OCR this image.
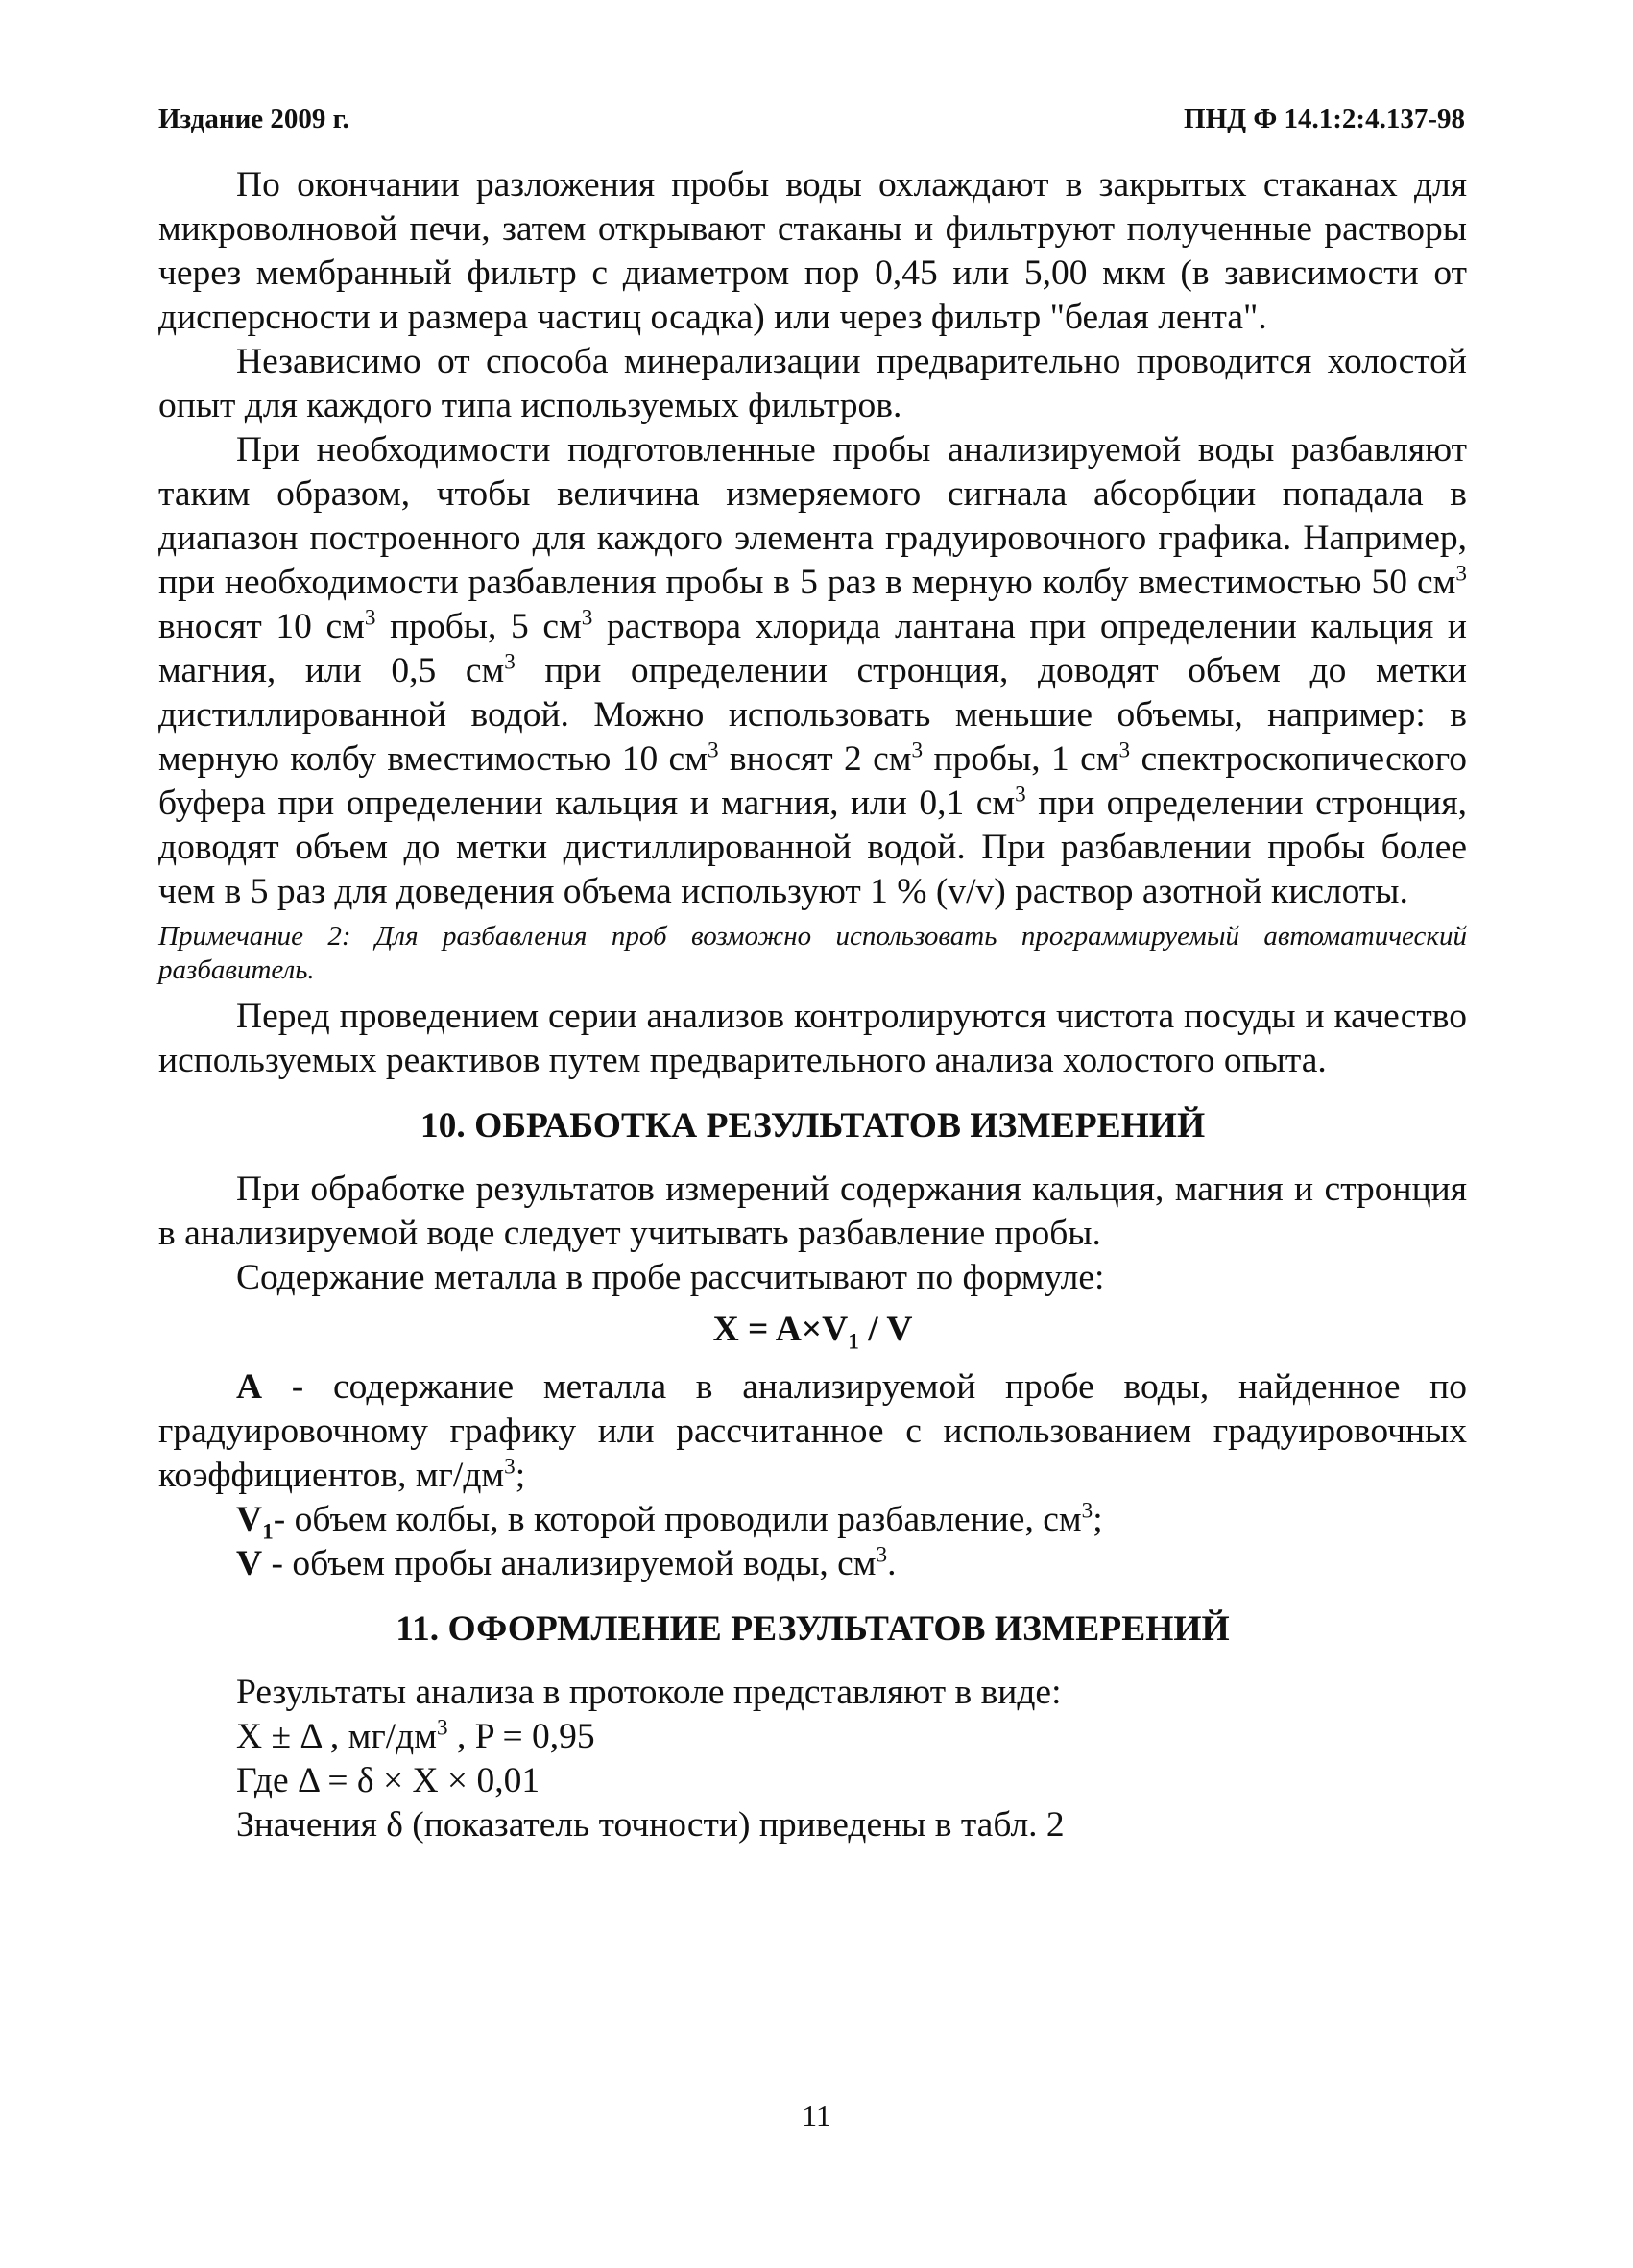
Издание 2009 г.	ПНД Ф 14.1:2:4.137-98

По окончании разложения пробы воды охлаждают в закрытых стаканах для микроволновой печи, затем открывают стаканы и фильтруют полученные растворы через мембранный фильтр с диаметром пор 0,45 или 5,00 мкм (в зависимости от дисперсности и размера частиц осадка) или через фильтр "белая лента".

Независимо от способа минерализации предварительно проводится холостой опыт для каждого типа используемых фильтров.

При необходимости подготовленные пробы анализируемой воды разбавляют таким образом, чтобы величина измеряемого сигнала абсорбции попадала в диапазон построенного для каждого элемента градуировочного графика. Например, при необходимости разбавления пробы в 5 раз в мерную колбу вместимостью 50 $см^3$ вносят 10 $см^3$ пробы, 5 $см^3$ раствора хлорида лантана при определении кальция и магния, или 0,5 $см^3$ при определении стронция, доводят объем до метки дистиллированной водой. Можно использовать меньшие объемы, например: в мерную колбу вместимостью 10 $см^3$ вносят 2 $см^3$ пробы, 1 $см^3$ спектроскопического буфера при определении кальция и магния, или 0,1 $см^3$ при определении стронция, доводят объем до метки дистиллированной водой. При разбавлении пробы более чем в 5 раз для доведения объема используют 1 % (v/v) раствор азотной кислоты.

Примечание 2: Для разбавления проб возможно использовать программируемый автоматический разбавитель.

Перед проведением серии анализов контролируются чистота посуды и качество используемых реактивов путем предварительного анализа холостого опыта.

10. ОБРАБОТКА РЕЗУЛЬТАТОВ ИЗМЕРЕНИЙ

При обработке результатов измерений содержания кальция, магния и стронция в анализируемой воде следует учитывать разбавление пробы.

Содержание металла в пробе рассчитывают по формуле:

$X = A\times V_1 / V$

A - содержание металла в анализируемой пробе воды, найденное по градуировочному графику или рассчитанное с использованием градуировочных коэффициентов, $мг/дм^3$;

$V_1-$ объем колбы, в которой проводили разбавление, $см^3$;

V - объем пробы анализируемой воды, $см^3$.

11. ОФОРМЛЕНИЕ РЕЗУЛЬТАТОВ ИЗМЕРЕНИЙ

Результаты анализа в протоколе представляют в виде:

X ± Δ , $мг/дм^3$ , P = 0,95

Где Δ = δ × X × 0,01

Значения δ (показатель точности) приведены в табл. 2

11
